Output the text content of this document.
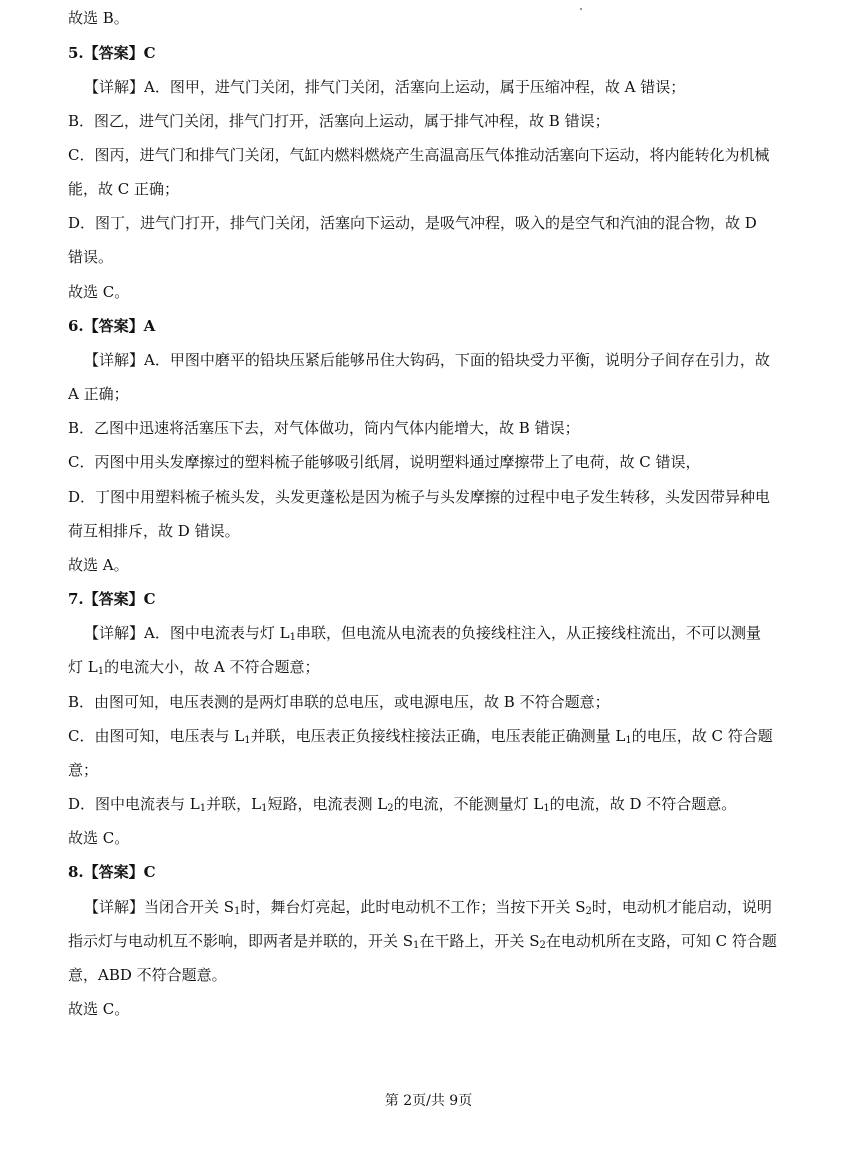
故选 B。
5.【答案】C
【详解】A．图甲，进气门关闭，排气门关闭，活塞向上运动，属于压缩冲程，故 A 错误；
B．图乙，进气门关闭，排气门打开，活塞向上运动，属于排气冲程，故 B 错误；
C．图丙，进气门和排气门关闭，气缸内燃料燃烧产生高温高压气体推动活塞向下运动，将内能转化为机械
能，故 C 正确；
D．图丁，进气门打开，排气门关闭，活塞向下运动，是吸气冲程，吸入的是空气和汽油的混合物，故 D
错误。
故选 C。
6.【答案】A
【详解】A．甲图中磨平的铅块压紧后能够吊住大钩码，下面的铅块受力平衡，说明分子间存在引力，故
A 正确；
B．乙图中迅速将活塞压下去，对气体做功，筒内气体内能增大，故 B 错误；
C．丙图中用头发摩擦过的塑料梳子能够吸引纸屑，说明塑料通过摩擦带上了电荷，故 C 错误，
D．丁图中用塑料梳子梳头发，头发更蓬松是因为梳子与头发摩擦的过程中电子发生转移，头发因带异种电
荷互相排斥，故 D 错误。
故选 A。
7.【答案】C
【详解】A．图中电流表与灯 $L_1$串联，但电流从电流表的负接线柱注入，从正接线柱流出，不可以测量
灯 $L_1$的电流大小，故 A 不符合题意；
B．由图可知，电压表测的是两灯串联的总电压，或电源电压，故 B 不符合题意；
C．由图可知，电压表与 $L_1$并联，电压表正负接线柱接法正确，电压表能正确测量 $L_1$的电压，故 C 符合题
意；
D．图中电流表与 $L_1$并联，$L_1$短路，电流表测 $L_2$的电流，不能测量灯 $L_1$的电流，故 D 不符合题意。
故选 C。
8.【答案】C
【详解】当闭合开关 $S_1$时，舞台灯亮起，此时电动机不工作；当按下开关 $S_2$时，电动机才能启动，说明
指示灯与电动机互不影响，即两者是并联的，开关 $S_1$在干路上，开关 $S_2$在电动机所在支路，可知 C 符合题
意，ABD 不符合题意。
故选 C。
第 2页/共 9页
